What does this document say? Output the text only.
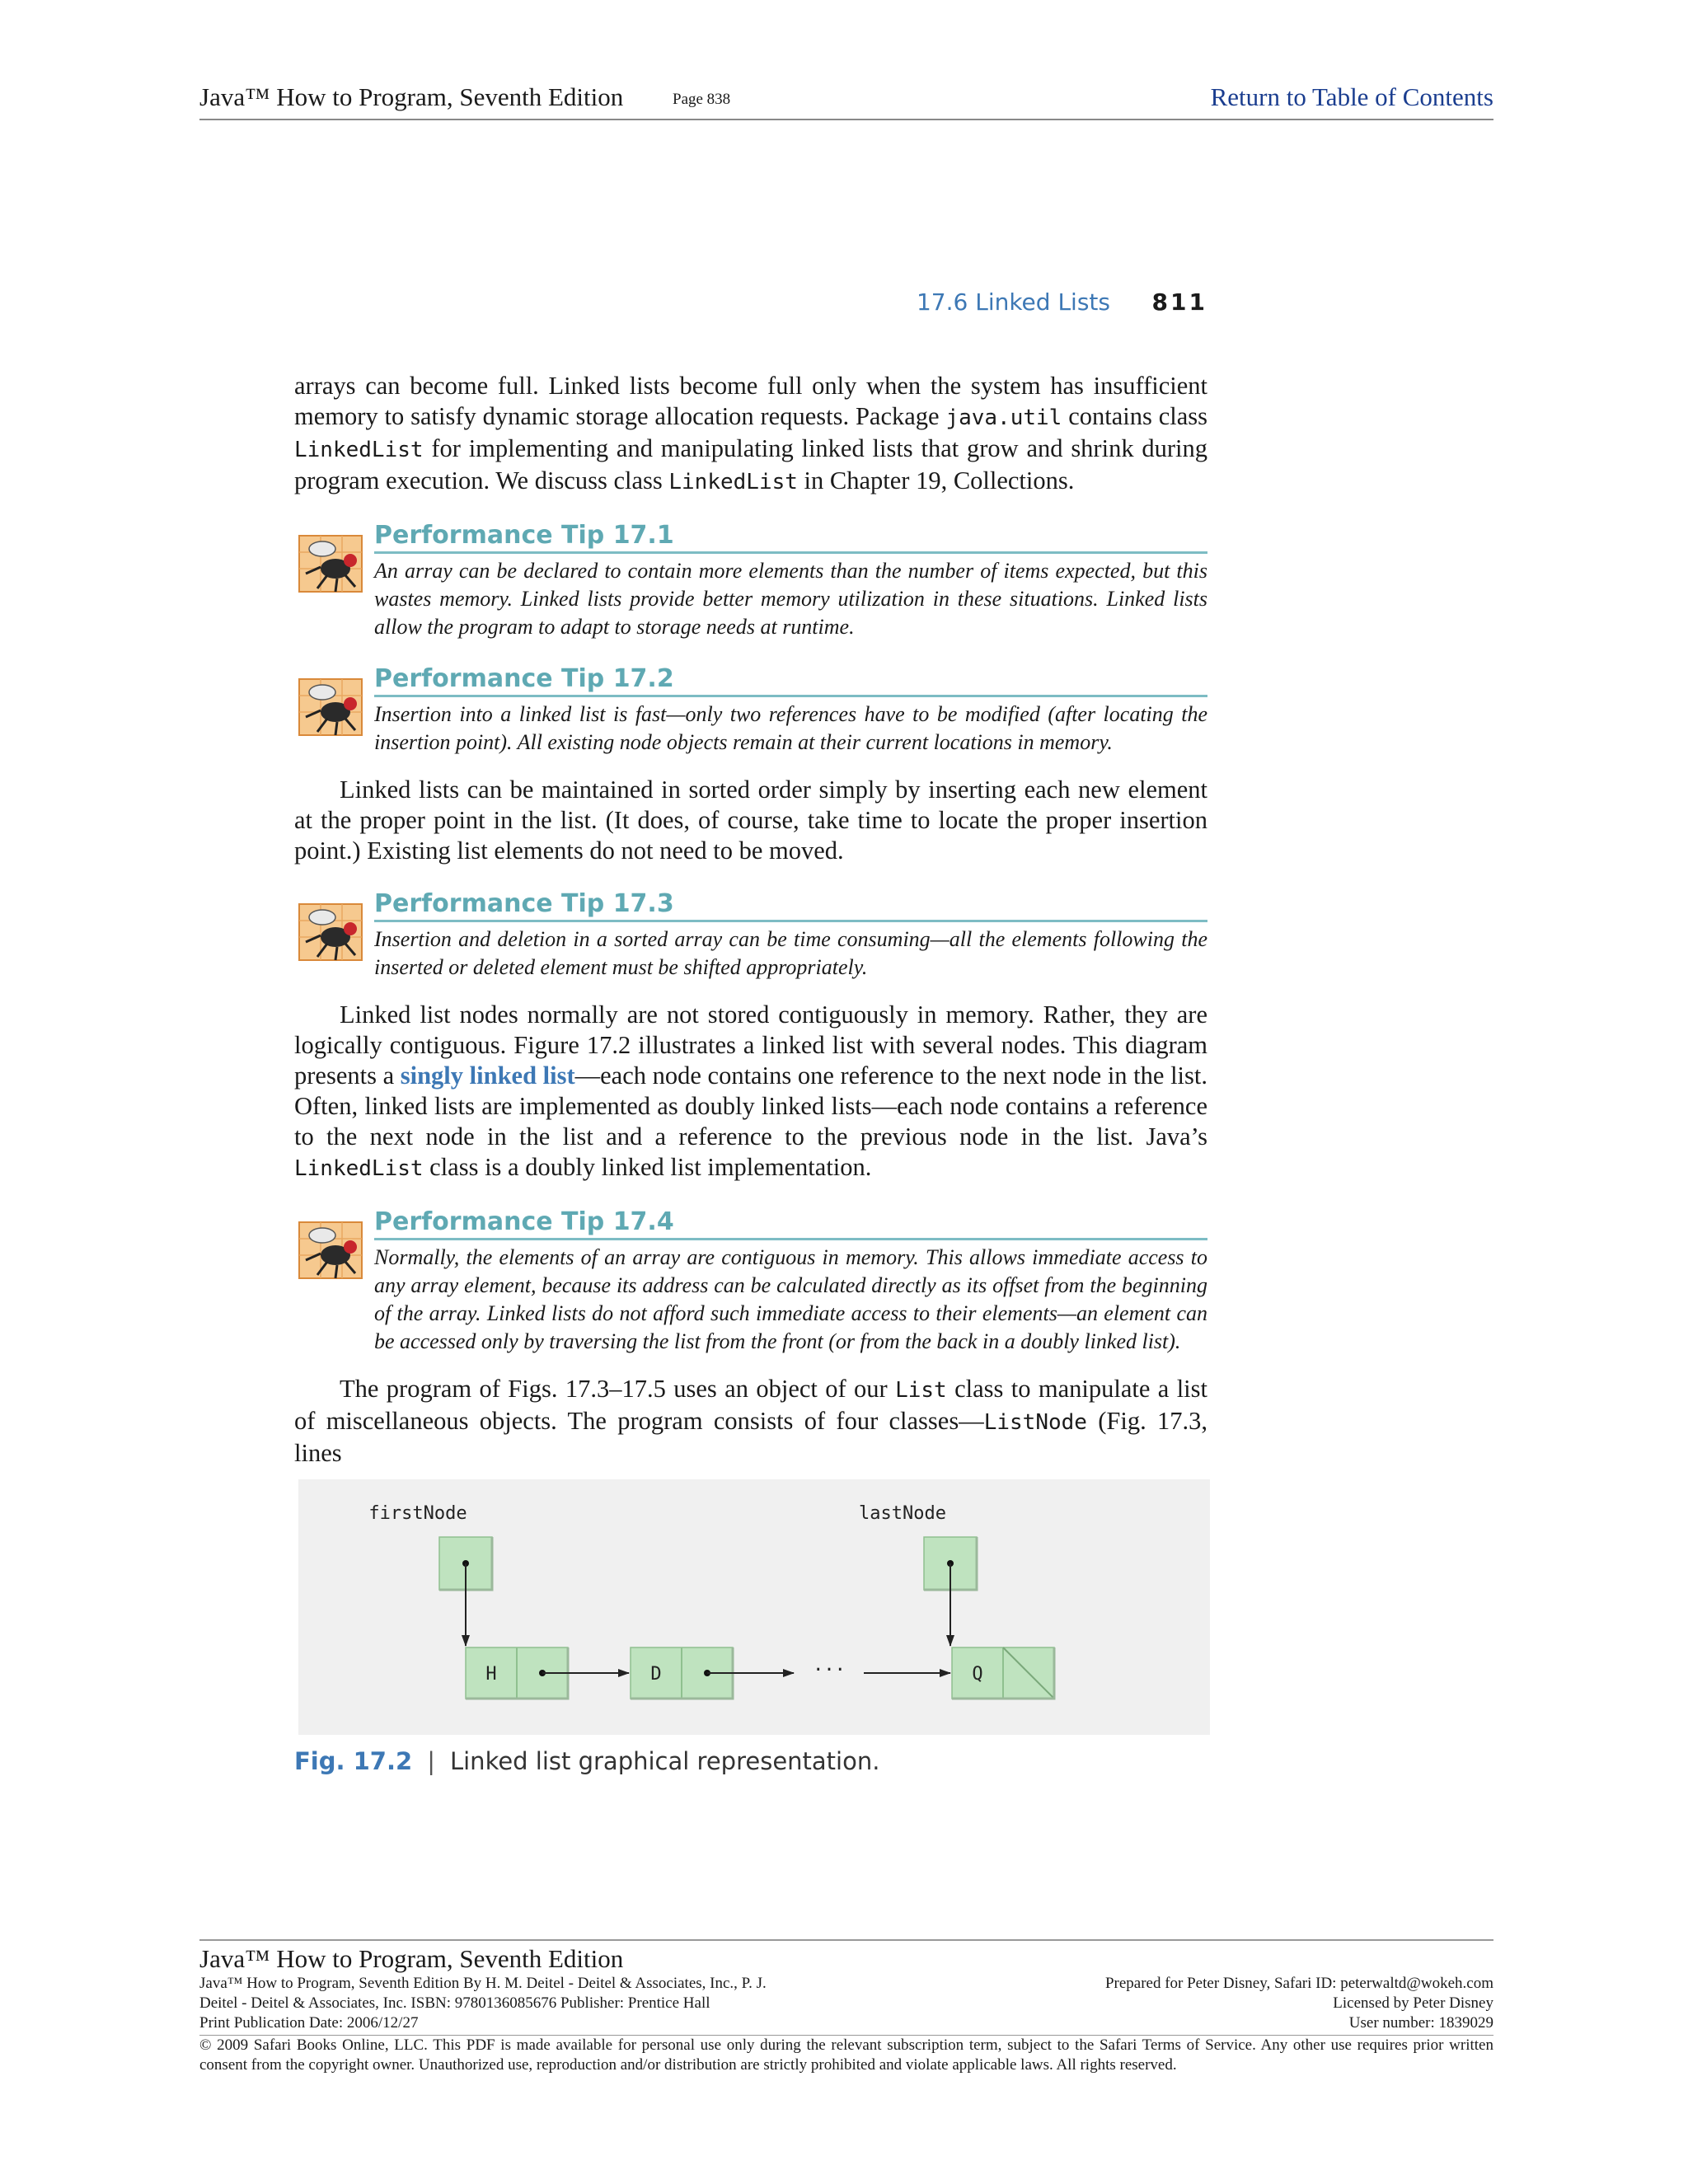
Java™ How to Program, Seventh Edition	Page 838	Return to Table of Contents
17.6 Linked Lists 811

arrays can become full. Linked lists become full only when the system has insufficient memory to satisfy dynamic storage allocation requests. Package java.util contains class LinkedList for implementing and manipulating linked lists that grow and shrink during program execution. We discuss class LinkedList in Chapter 19, Collections.

Performance Tip 17.1
An array can be declared to contain more elements than the number of items expected, but this wastes memory. Linked lists provide better memory utilization in these situations. Linked lists allow the program to adapt to storage needs at runtime.
Performance Tip 17.2
Insertion into a linked list is fast—only two references have to be modified (after locating the insertion point). All existing node objects remain at their current locations in memory.

Linked lists can be maintained in sorted order simply by inserting each new element at the proper point in the list. (It does, of course, take time to locate the proper insertion point.) Existing list elements do not need to be moved.

Performance Tip 17.3
Insertion and deletion in a sorted array can be time consuming—all the elements following the inserted or deleted element must be shifted appropriately.

Linked list nodes normally are not stored contiguously in memory. Rather, they are logically contiguous. Figure 17.2 illustrates a linked list with several nodes. This diagram presents a singly linked list—each node contains one reference to the next node in the list. Often, linked lists are implemented as doubly linked lists—each node contains a reference to the next node in the list and a reference to the previous node in the list. Java’s LinkedList class is a doubly linked list implementation.

Performance Tip 17.4
Normally, the elements of an array are contiguous in memory. This allows immediate access to any array element, because its address can be calculated directly as its offset from the beginning of the array. Linked lists do not afford such immediate access to their elements—an element can be accessed only by traversing the list from the front (or from the back in a doubly linked list).

The program of Figs. 17.3–17.5 uses an object of our List class to manipulate a list of miscellaneous objects. The program consists of four classes—ListNode (Fig. 17.3, lines

firstNode	lastNode
H	D	···	Q
Fig. 17.2 | Linked list graphical representation.
Java™ How to Program, Seventh Edition
Java™ How to Program, Seventh Edition By H. M. Deitel - Deitel & Associates, Inc., P. J.	Prepared for Peter Disney, Safari ID: peterwaltd@wokeh.com
Deitel - Deitel & Associates, Inc. ISBN: 9780136085676 Publisher: Prentice Hall	Licensed by Peter Disney
Print Publication Date: 2006/12/27	User number: 1839029
© 2009 Safari Books Online, LLC. This PDF is made available for personal use only during the relevant subscription term, subject to the Safari Terms of Service. Any other use requires prior written consent from the copyright owner. Unauthorized use, reproduction and/or distribution are strictly prohibited and violate applicable laws. All rights reserved.
